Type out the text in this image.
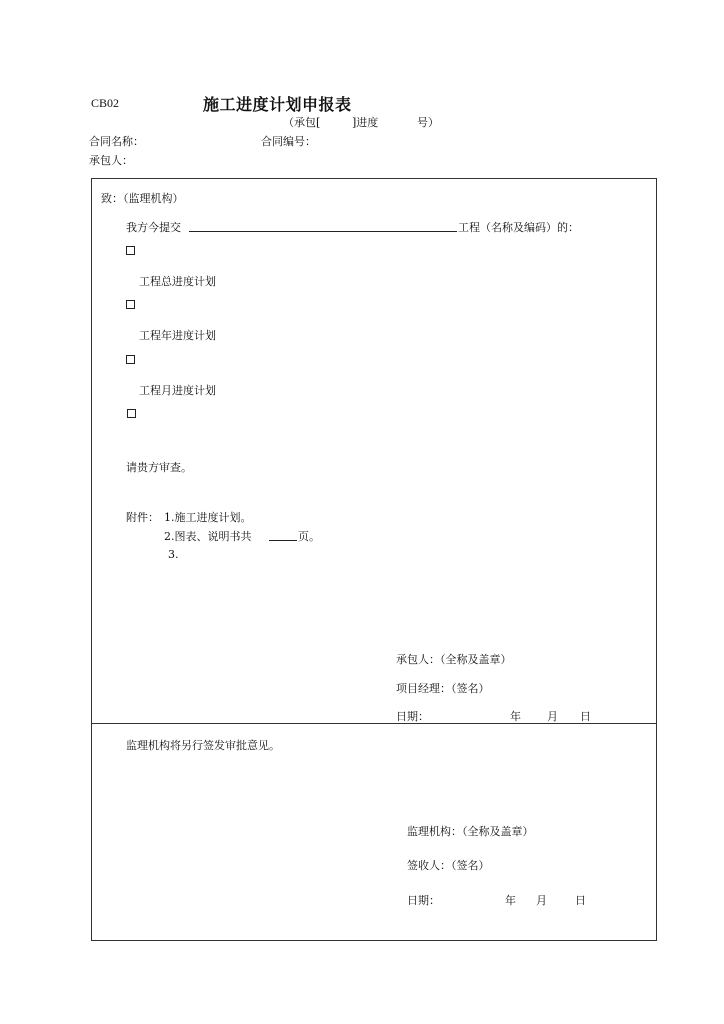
CB02	施工进度计划申报表
（承包[	]进度	号）
合同名称：	合同编号：
承包人：
致：（监理机构）
我方今提交	工程（名称及编码）的：
工程总进度计划
工程年进度计划
工程月进度计划
请贵方审查。
附件： 1.施工进度计划。
2.图表、说明书共	页。
3.
承包人：（全称及盖章）
项目经理：（签名）
日期：	年 月 日
监理机构将另行签发审批意见。
监理机构：（全称及盖章）
签收人：（签名）
日期：	年 月	日
